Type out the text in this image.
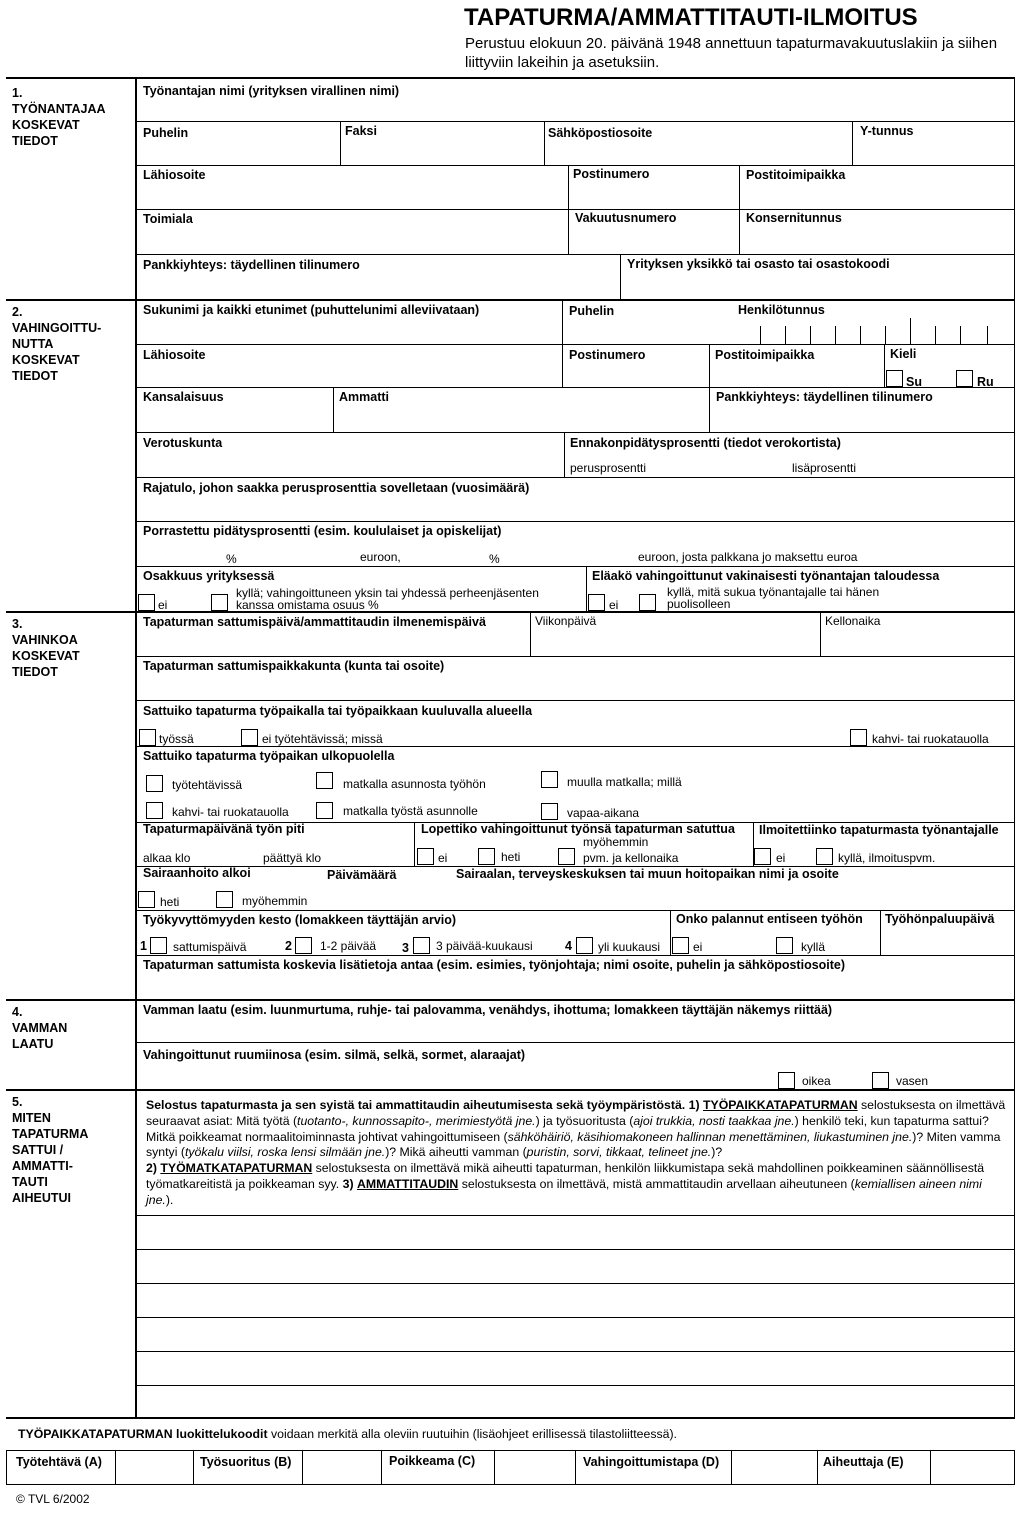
TAPATURMA/AMMATTITAUTI-ILMOITUS
Perustuu elokuun 20. päivänä 1948 annettuun tapaturmavakuutuslakiin ja siihen liittyviin lakeihin ja asetuksiin.
1.
TYÖNANTAJAA
KOSKEVAT
TIEDOT
2.
VAHINGOITTU-
NUTTA
KOSKEVAT
TIEDOT
3.
VAHINKOA
KOSKEVAT
TIEDOT
4.
VAMMAN
LAATU
5.
MITEN
TAPATURMA
SATTUI /
AMMATTI-
TAUTI
AIHEUTUI
Työnantajan nimi (yrityksen virallinen nimi)
Puhelin	Faksi	Sähköpostiosoite	Y-tunnus
Lähiosoite	Postinumero	Postitoimipaikka
Toimiala	Vakuutusnumero	Konsernitunnus
Pankkiyhteys: täydellinen tilinumero	Yrityksen yksikkö tai osasto tai osastokoodi
Sukunimi ja kaikki etunimet (puhuttelunimi alleviivataan)	Puhelin	Henkilötunnus
Lähiosoite	Postinumero	Postitoimipaikka	Kieli
Su	Ru
Kansalaisuus	Ammatti	Pankkiyhteys: täydellinen tilinumero
Verotuskunta	Ennakonpidätysprosentti (tiedot verokortista)
perusprosentti	lisäprosentti
Rajatulo, johon saakka perusprosenttia sovelletaan (vuosimäärä)
Porrastettu pidätysprosentti (esim. koululaiset ja opiskelijat)
%	euroon,	%	euroon, josta palkkana jo maksettu euroa
Osakkuus yrityksessä
ei
kyllä; vahingoittuneen yksin tai yhdessä perheenjäsenten kanssa omistama osuus %
Eläakö vahingoittunut vakinaisesti työnantajan taloudessa
ei
kyllä, mitä sukua työnantajalle tai hänen puolisolleen
Tapaturman sattumispäivä/ammattitaudin ilmenemispäivä	Viikonpäivä	Kellonaika
Tapaturman sattumispaikkakunta (kunta tai osoite)
Sattuiko tapaturma työpaikalla tai työpaikkaan kuuluvalla alueella
työssä	ei työtehtävissä; missä	kahvi- tai ruokatauolla
Sattuiko tapaturma työpaikan ulkopuolella
työtehtävissä	matkalla asunnosta työhön	muulla matkalla; millä
kahvi- tai ruokatauolla	matkalla työstä asunnolle	vapaa-aikana
Tapaturmapäivänä työn piti
alkaa klo	päättyä klo
Lopettiko vahingoittunut työnsä tapaturman satuttua
ei	heti
myöhemmin
pvm. ja kellonaika
Ilmoitettiinko tapaturmasta työnantajalle
ei	kyllä, ilmoituspvm.
Sairaanhoito alkoi	Päivämäärä
heti	myöhemmin
Sairaalan, terveyskeskuksen tai muun hoitopaikan nimi ja osoite
Työkyvyttömyyden kesto (lomakkeen täyttäjän arvio)
1 sattumispäivä	2 1-2 päivää 3 3 päivää-kuukausi	4 yli kuukausi
Onko palannut entiseen työhön
ei	kyllä
Työhönpaluupäivä
Tapaturman sattumista koskevia lisätietoja antaa (esim. esimies, työnjohtaja; nimi osoite, puhelin ja sähköpostiosoite)
Vamman laatu (esim. luunmurtuma, ruhje- tai palovamma, venähdys, ihottuma; lomakkeen täyttäjän näkemys riittää)
Vahingoittunut ruumiinosa (esim. silmä, selkä, sormet, alaraajat)
oikea	vasen
Selostus tapaturmasta ja sen syistä tai ammattitaudin aiheutumisesta sekä työympäristöstä. 1) TYÖPAIKKATAPATURMAN selostuksesta on ilmettävä seuraavat asiat: Mitä työtä (tuotanto-, kunnossapito-, merimiestyötä jne.) ja työsuoritusta (ajoi trukkia, nosti taakkaa jne.) henkilö teki, kun tapaturma sattui? Mitkä poikkeamat normaalitoiminnasta johtivat vahingoittumiseen (sähköhäiriö, käsihiomakoneen hallinnan menettäminen, liukastuminen jne.)? Miten vamma syntyi (työkalu viilsi, roska lensi silmään jne.)? Mikä aiheutti vamman (puristin, sorvi, tikkaat, telineet jne.)?
2) TYÖMATKATAPATURMAN selostuksesta on ilmettävä mikä aiheutti tapaturman, henkilön liikkumistapa sekä mahdollinen poikkeaminen säännöllisestä työmatkareitistä ja poikkeaman syy. 3) AMMATTITAUDIN selostuksesta on ilmettävä, mistä ammattitaudin arvellaan aiheutuneen (kemiallisen aineen nimi jne.).
TYÖPAIKKATAPATURMAN luokittelukoodit voidaan merkitä alla oleviin ruutuihin (lisäohjeet erillisessä tilastoliitteessä).
Työtehtävä (A)	Työsuoritus (B)	Poikkeama (C)	Vahingoittumistapa (D)	Aiheuttaja (E)
© TVL 6/2002
